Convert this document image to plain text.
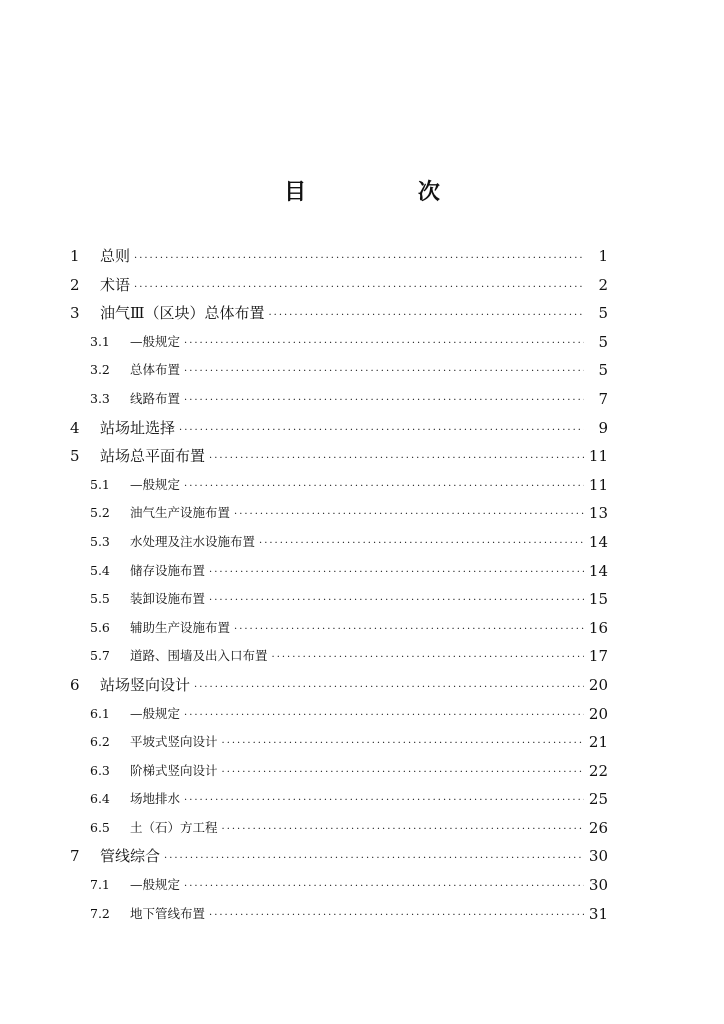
目 次
1	总则 ·····	1
2	术语 ·····	2
3	油气Ⅲ（区块）总体布置 ·····	5
3.1	—般规定 ·····	5
3.2	总体布置 ·····	5
3.3	线路布置 ·····	7
4	站场址选择 ·····	9
5	站场总平面布置 ·····	11
5.1	—般规定 ·····	11
5.2	油气生产设施布置 ·····	13
5.3	水处理及注水设施布置 ·····	14
5.4	储存设施布置 ·····	14
5.5	装卸设施布置 ·····	15
5.6	辅助生产设施布置 ·····	16
5.7	道路、围墙及出入口布置 ·····	17
6	站场竖向设计 ·····	20
6.1	—般规定 ·····	20
6.2	平坡式竖向设计 ·····	21
6.3	阶梯式竖向设计 ·····	22
6.4	场地排水 ·····	25
6.5	土（石）方工程 ·····	26
7	管线综合 ·····	30
7.1	—般规定 ·····	30
7.2	地下管线布置 ·····	31
